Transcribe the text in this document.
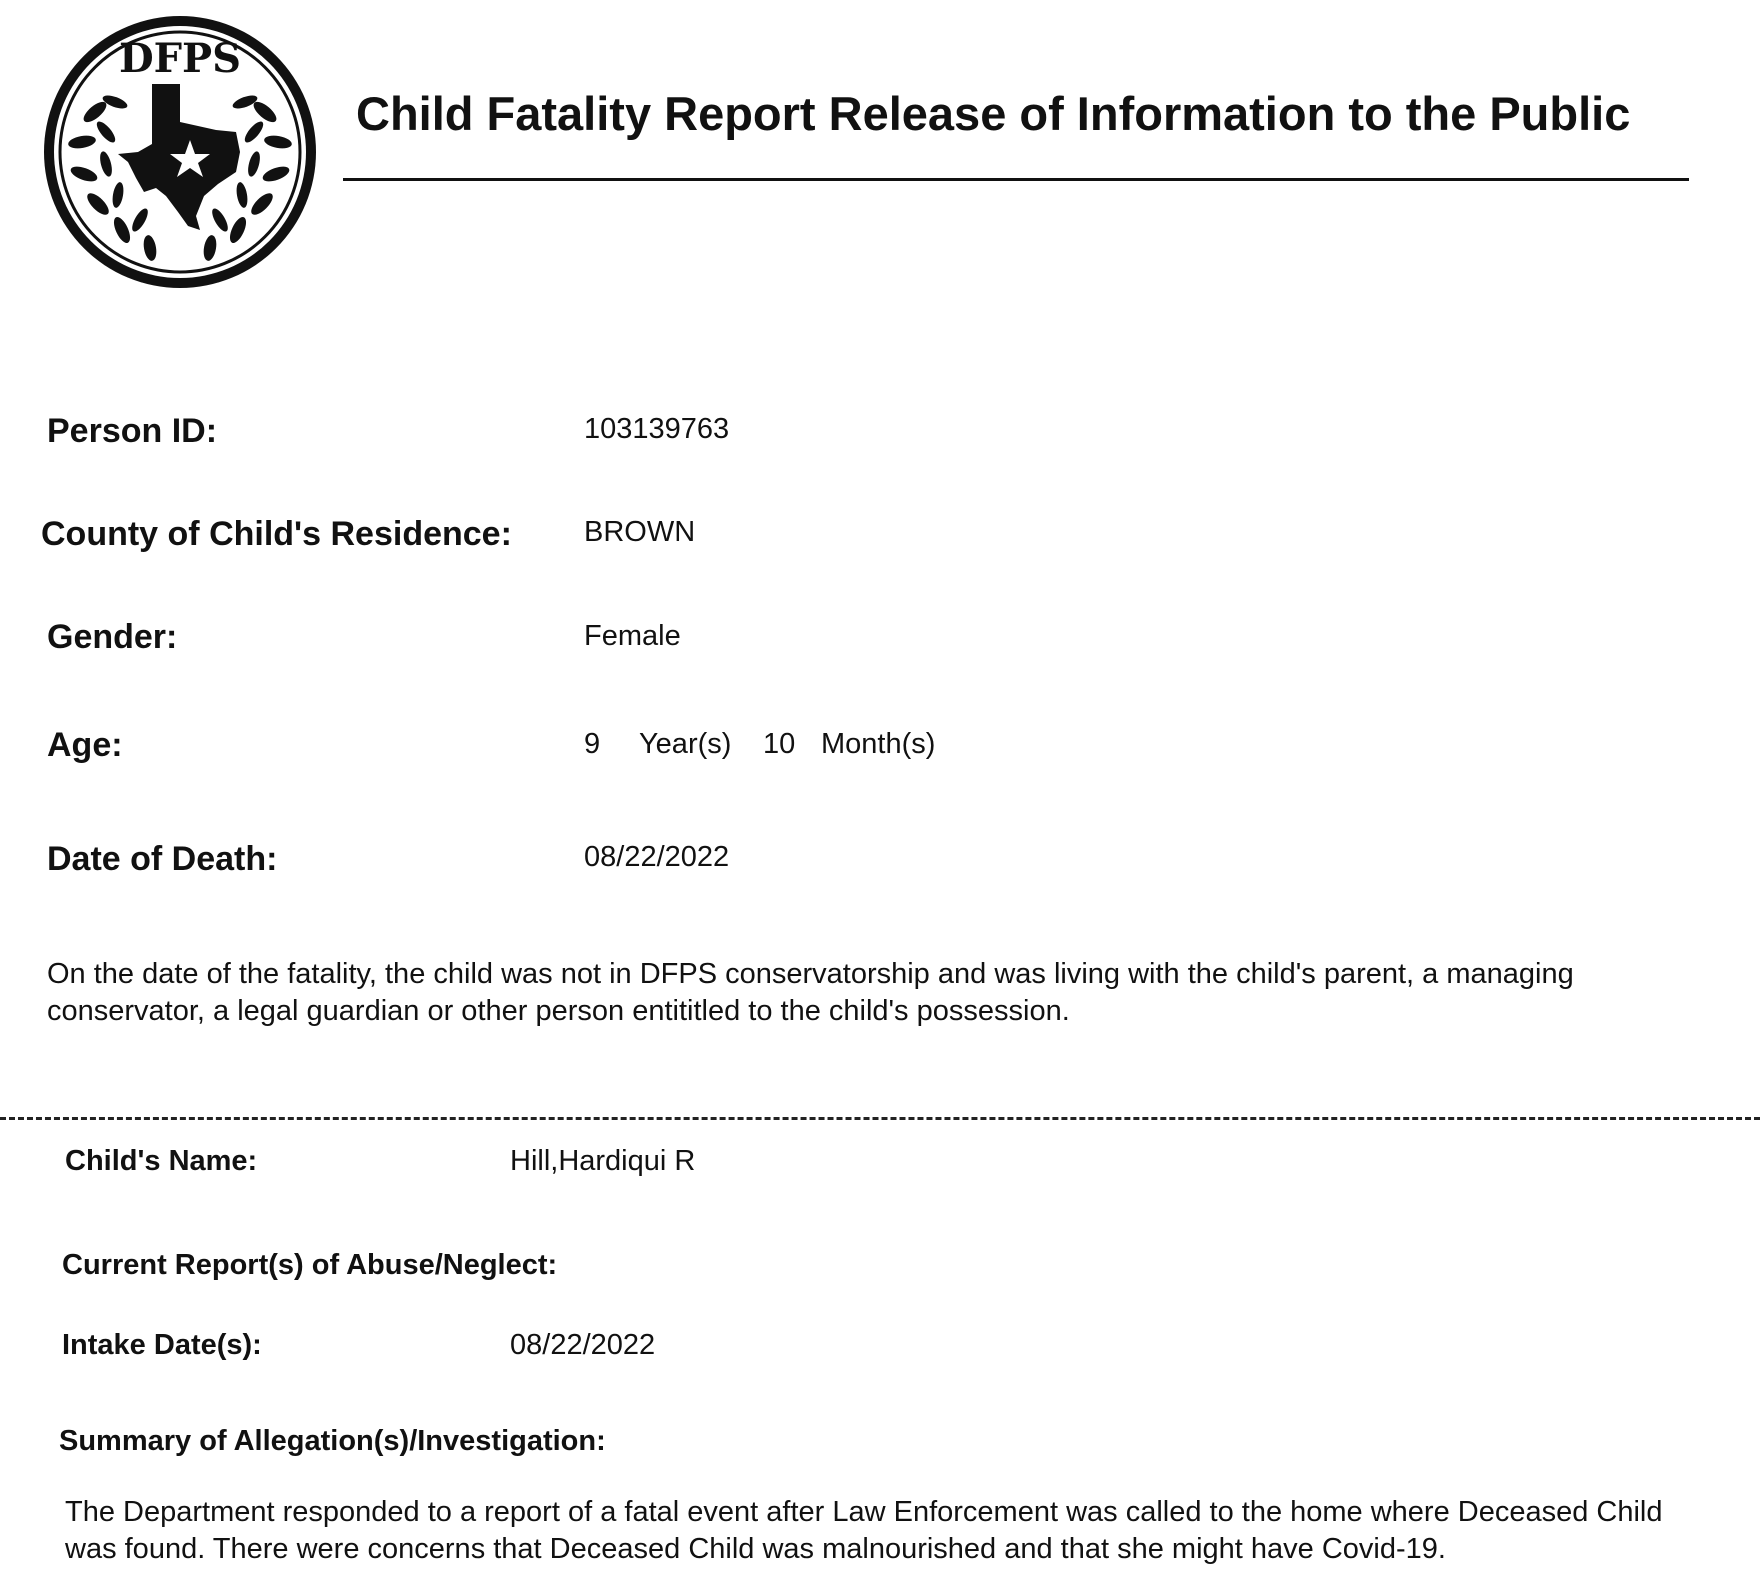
DFPS
Child Fatality Report Release of Information to the Public
Person ID:	103139763
County of Child's Residence: BROWN
Gender:	Female
Age:	9 Year(s) 10 Month(s)
Date of Death:	08/22/2022

On the date of the fatality, the child was not in DFPS conservatorship and was living with the child's parent, a managing conservator, a legal guardian or other person entititled to the child's possession.

Child's Name:	Hill,Hardiqui R
Current Report(s) of Abuse/Neglect:
Intake Date(s):	08/22/2022
Summary of Allegation(s)/Investigation:

The Department responded to a report of a fatal event after Law Enforcement was called to the home where Deceased Child was found. There were concerns that Deceased Child was malnourished and that she might have Covid-19.
